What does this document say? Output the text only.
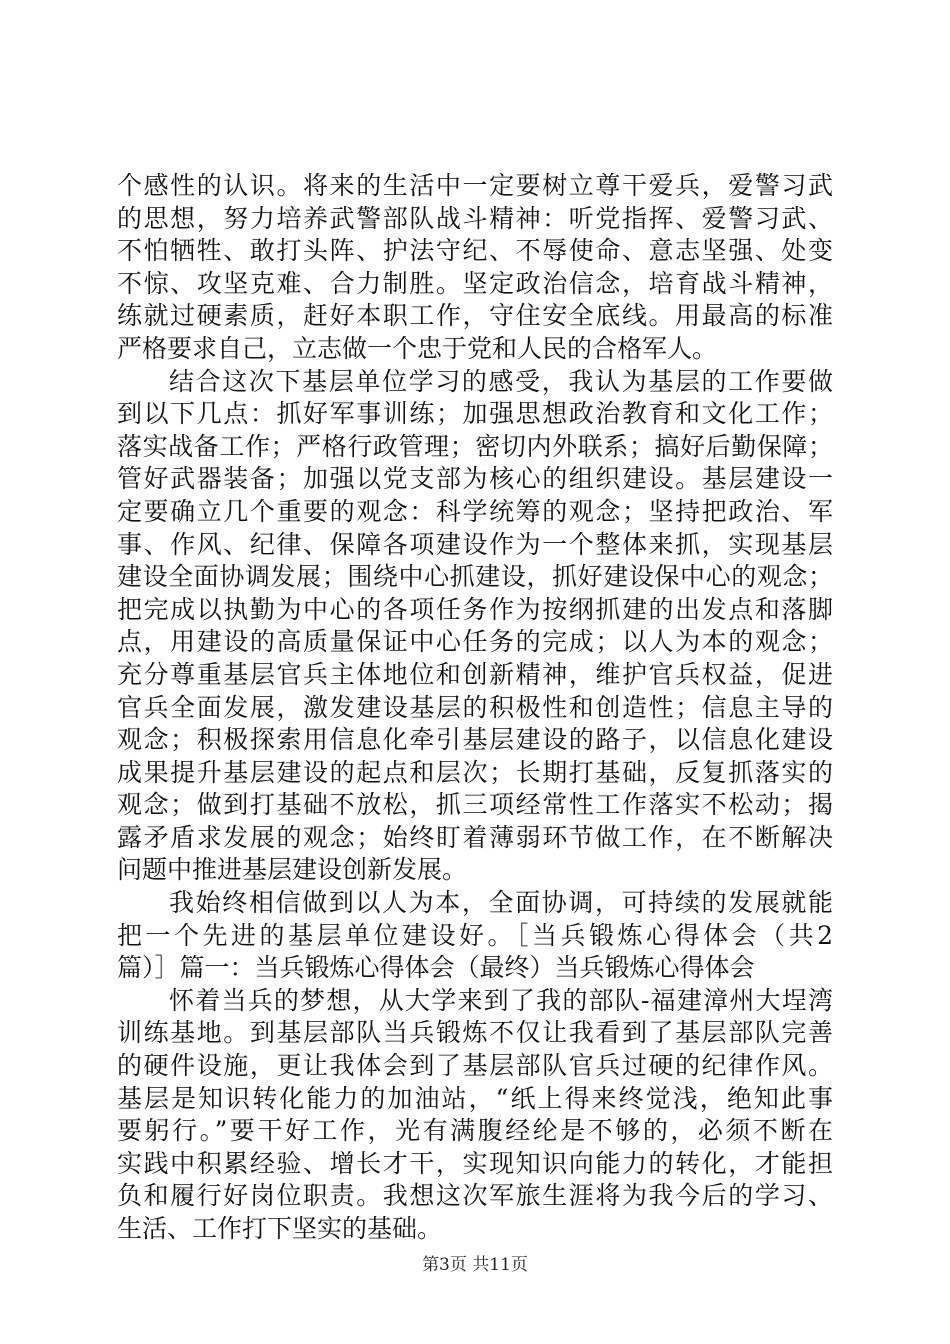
个感性的认识。将来的生活中一定要树立尊干爱兵，爱警习武
的思想，努力培养武警部队战斗精神：听党指挥、爱警习武、
不怕牺牲、敢打头阵、护法守纪、不辱使命、意志坚强、处变
不惊、攻坚克难、合力制胜。坚定政治信念，培育战斗精神，
练就过硬素质，赶好本职工作，守住安全底线。用最高的标准
严格要求自己，立志做一个忠于党和人民的合格军人。
结合这次下基层单位学习的感受，我认为基层的工作要做
到以下几点：抓好军事训练；加强思想政治教育和文化工作；
落实战备工作；严格行政管理；密切内外联系；搞好后勤保障；
管好武器装备；加强以党支部为核心的组织建设。基层建设一
定要确立几个重要的观念：科学统筹的观念；坚持把政治、军
事、作风、纪律、保障各项建设作为一个整体来抓，实现基层
建设全面协调发展；围绕中心抓建设，抓好建设保中心的观念；
把完成以执勤为中心的各项任务作为按纲抓建的出发点和落脚
点，用建设的高质量保证中心任务的完成；以人为本的观念；
充分尊重基层官兵主体地位和创新精神，维护官兵权益，促进
官兵全面发展，激发建设基层的积极性和创造性；信息主导的
观念；积极探索用信息化牵引基层建设的路子，以信息化建设
成果提升基层建设的起点和层次；长期打基础，反复抓落实的
观念；做到打基础不放松，抓三项经常性工作落实不松动；揭
露矛盾求发展的观念；始终盯着薄弱环节做工作，在不断解决
问题中推进基层建设创新发展。
我始终相信做到以人为本，全面协调，可持续的发展就能
把一个先进的基层单位建设好。［当兵锻炼心得体会（共2
篇）］篇一：当兵锻炼心得体会（最终）当兵锻炼心得体会
怀着当兵的梦想，从大学来到了我的部队-福建漳州大埕湾
训练基地。到基层部队当兵锻炼不仅让我看到了基层部队完善
的硬件设施，更让我体会到了基层部队官兵过硬的纪律作风。
基层是知识转化能力的加油站，“纸上得来终觉浅，绝知此事
要躬行。”要干好工作，光有满腹经纶是不够的，必须不断在
实践中积累经验、增长才干，实现知识向能力的转化，才能担
负和履行好岗位职责。我想这次军旅生涯将为我今后的学习、
生活、工作打下坚实的基础。
第3页 共11页
